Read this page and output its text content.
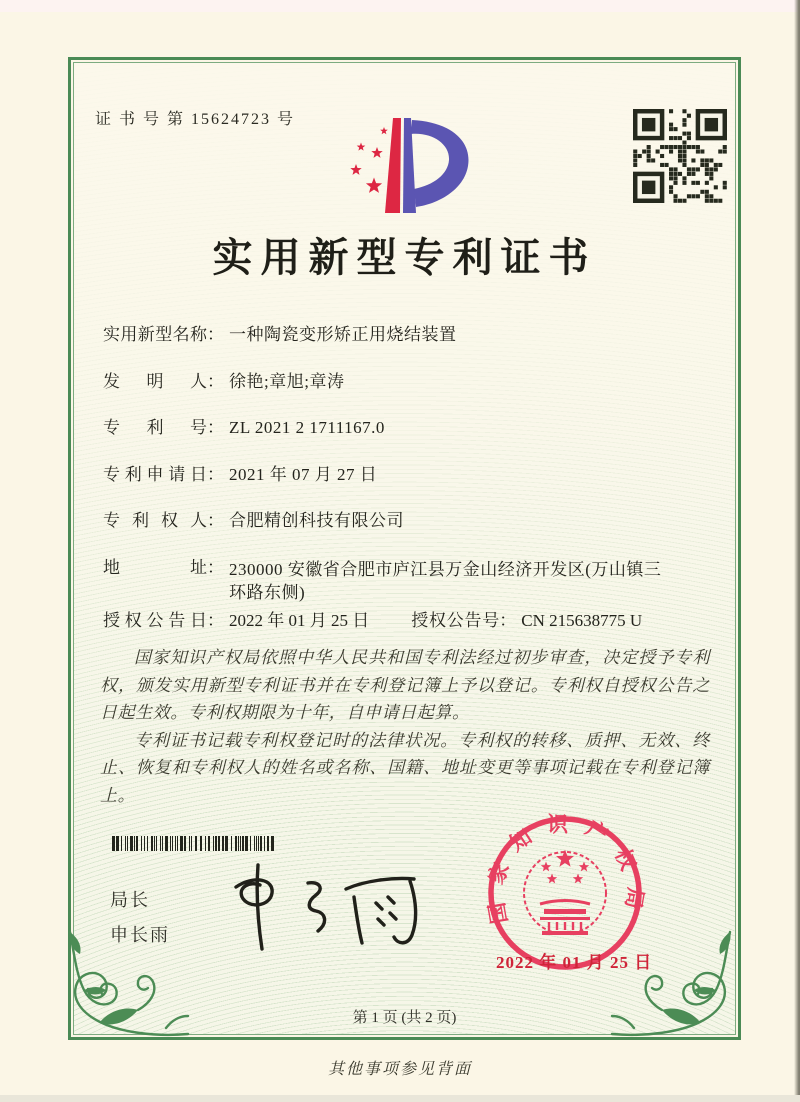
证 书 号 第 15624723 号
实用新型专利证书
实用新型名称 ： 一种陶瓷变形矫正用烧结装置
发明人 ： 徐艳;章旭;章涛
专利号 ： ZL 2021 2 1711167.0
专利申请日 ： 2021 年 07 月 27 日
专利权人 ： 合肥精创科技有限公司
地址 ： 230000 安徽省合肥市庐江县万金山经济开发区(万山镇三环路东侧)
授权公告日 ： 2022 年 01 月 25 日 授权公告号 ： CN 215638775 U

国家知识产权局依照中华人民共和国专利法经过初步审查，决定授予专利权，颁发实用新型专利证书并在专利登记簿上予以登记。专利权自授权公告之日起生效。专利权期限为十年，自申请日起算。

专利证书记载专利权登记时的法律状况。专利权的转移、质押、无效、终止、恢复和专利权人的姓名或名称、国籍、地址变更等事项记载在专利登记簿上。

局长
申长雨
国家知识产权局
2022 年 01 月 25 日
第 1 页 (共 2 页)
其他事项参见背面
